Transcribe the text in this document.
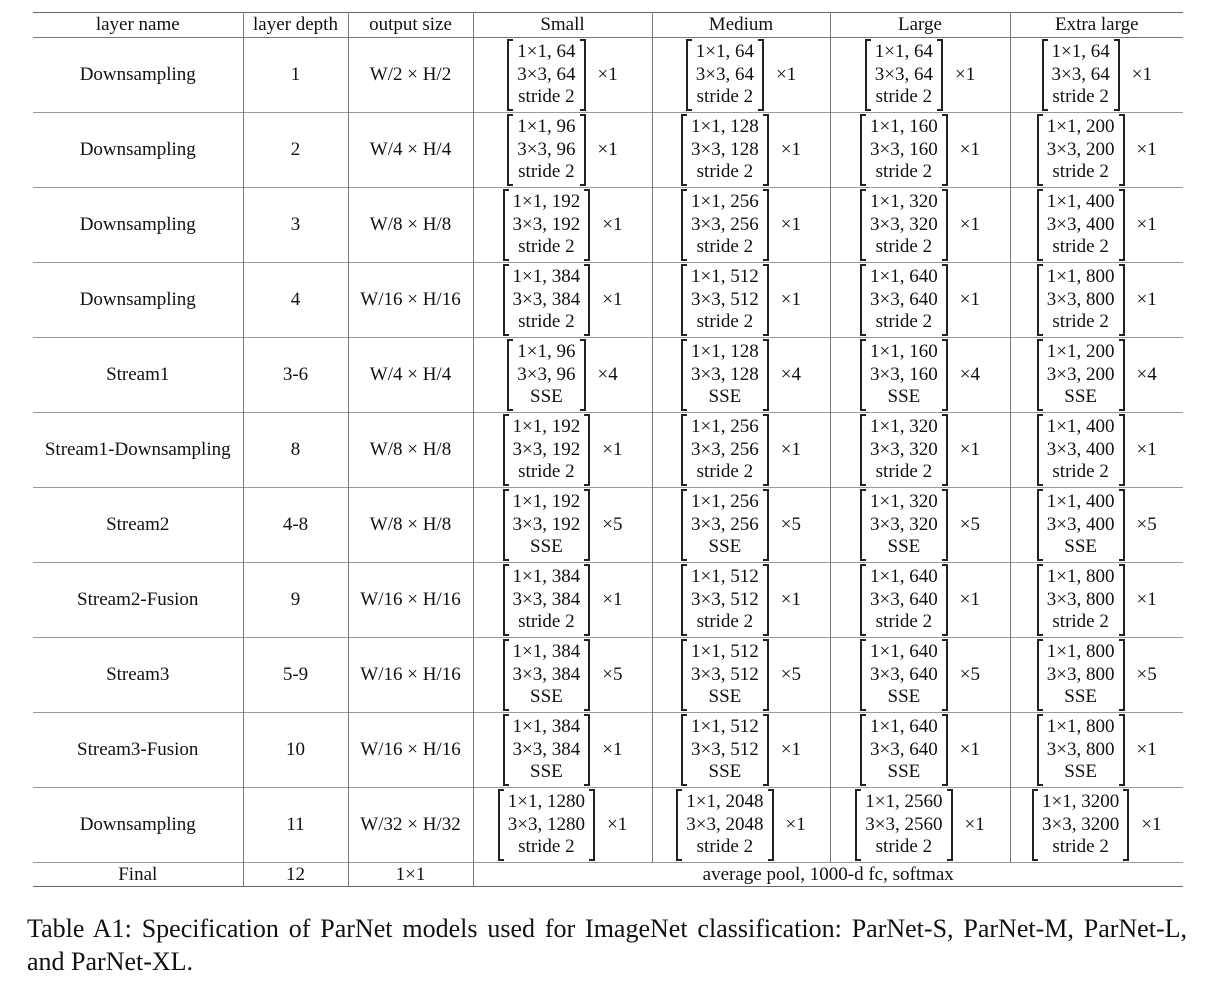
layer name	layer depth	output size	Small	Medium	Large	Extra large
Downsampling	1	W/2 × H/2	1×1, 64
3×3, 64
stride 2
×1	1×1, 64
3×3, 64
stride 2
×1	1×1, 64
3×3, 64
stride 2
×1	1×1, 64
3×3, 64
stride 2
×1

Downsampling	2	W/4 × H/4	1×1, 96
3×3, 96
stride 2
×1	1×1, 128
3×3, 128
stride 2
×1	1×1, 160
3×3, 160
stride 2
×1	1×1, 200
3×3, 200
stride 2
×1

Downsampling	3	W/8 × H/8	1×1, 192
3×3, 192
stride 2
×1	1×1, 256
3×3, 256
stride 2
×1	1×1, 320
3×3, 320
stride 2
×1	1×1, 400
3×3, 400
stride 2
×1

Downsampling	4	W/16 × H/16	1×1, 384
3×3, 384
stride 2
×1	1×1, 512
3×3, 512
stride 2
×1	1×1, 640
3×3, 640
stride 2
×1	1×1, 800
3×3, 800
stride 2
×1

Stream1	3-6	W/4 × H/4	1×1, 96
3×3, 96
SSE
×4	1×1, 128
3×3, 128
SSE
×4	1×1, 160
3×3, 160
SSE
×4	1×1, 200
3×3, 200
SSE
×4

Stream1-Downsampling	8	W/8 × H/8	1×1, 192
3×3, 192
stride 2
×1	1×1, 256
3×3, 256
stride 2
×1	1×1, 320
3×3, 320
stride 2
×1	1×1, 400
3×3, 400
stride 2
×1

Stream2	4-8	W/8 × H/8	1×1, 192
3×3, 192
SSE
×5	1×1, 256
3×3, 256
SSE
×5	1×1, 320
3×3, 320
SSE
×5	1×1, 400
3×3, 400
SSE
×5

Stream2-Fusion	9	W/16 × H/16	1×1, 384
3×3, 384
stride 2
×1	1×1, 512
3×3, 512
stride 2
×1	1×1, 640
3×3, 640
stride 2
×1	1×1, 800
3×3, 800
stride 2
×1

Stream3	5-9	W/16 × H/16	1×1, 384
3×3, 384
SSE
×5	1×1, 512
3×3, 512
SSE
×5	1×1, 640
3×3, 640
SSE
×5	1×1, 800
3×3, 800
SSE
×5

Stream3-Fusion	10	W/16 × H/16	1×1, 384
3×3, 384
SSE
×1	1×1, 512
3×3, 512
SSE
×1	1×1, 640
3×3, 640
SSE
×1	1×1, 800
3×3, 800
SSE
×1

Downsampling	11	W/32 × H/32	1×1, 1280
3×3, 1280
stride 2
×1	1×1, 2048
3×3, 2048
stride 2
×1	1×1, 2560
3×3, 2560
stride 2
×1	1×1, 3200
3×3, 3200
stride 2
×1

Final	12	1×1	average pool, 1000-d fc, softmax			
Table A1: Specification of ParNet models used for ImageNet classification: ParNet-S, ParNet-M, ParNet-L, and ParNet-XL.
